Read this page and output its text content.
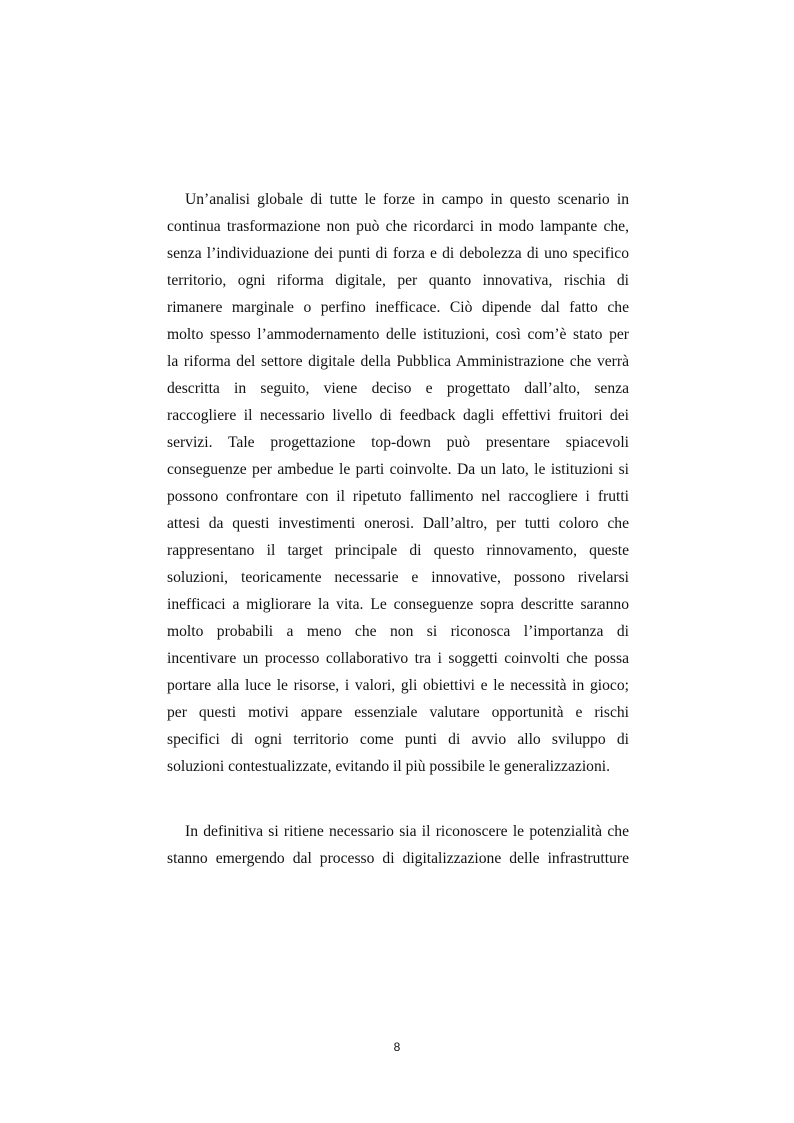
Un’analisi globale di tutte le forze in campo in questo scenario in
continua trasformazione non può che ricordarci in modo lampante che,
senza l’individuazione dei punti di forza e di debolezza di uno specifico
territorio, ogni riforma digitale, per quanto innovativa, rischia di
rimanere marginale o perfino inefficace. Ciò dipende dal fatto che
molto spesso l’ammodernamento delle istituzioni, così com’è stato per
la riforma del settore digitale della Pubblica Amministrazione che verrà
descritta in seguito, viene deciso e progettato dall’alto, senza
raccogliere il necessario livello di feedback dagli effettivi fruitori dei
servizi. Tale progettazione top-down può presentare spiacevoli
conseguenze per ambedue le parti coinvolte. Da un lato, le istituzioni si
possono confrontare con il ripetuto fallimento nel raccogliere i frutti
attesi da questi investimenti onerosi. Dall’altro, per tutti coloro che
rappresentano il target principale di questo rinnovamento, queste
soluzioni, teoricamente necessarie e innovative, possono rivelarsi
inefficaci a migliorare la vita. Le conseguenze sopra descritte saranno
molto probabili a meno che non si riconosca l’importanza di
incentivare un processo collaborativo tra i soggetti coinvolti che possa
portare alla luce le risorse, i valori, gli obiettivi e le necessità in gioco;
per questi motivi appare essenziale valutare opportunità e rischi
specifici di ogni territorio come punti di avvio allo sviluppo di
soluzioni contestualizzate, evitando il più possibile le generalizzazioni.
In definitiva si ritiene necessario sia il riconoscere le potenzialità che
stanno emergendo dal processo di digitalizzazione delle infrastrutture
8
